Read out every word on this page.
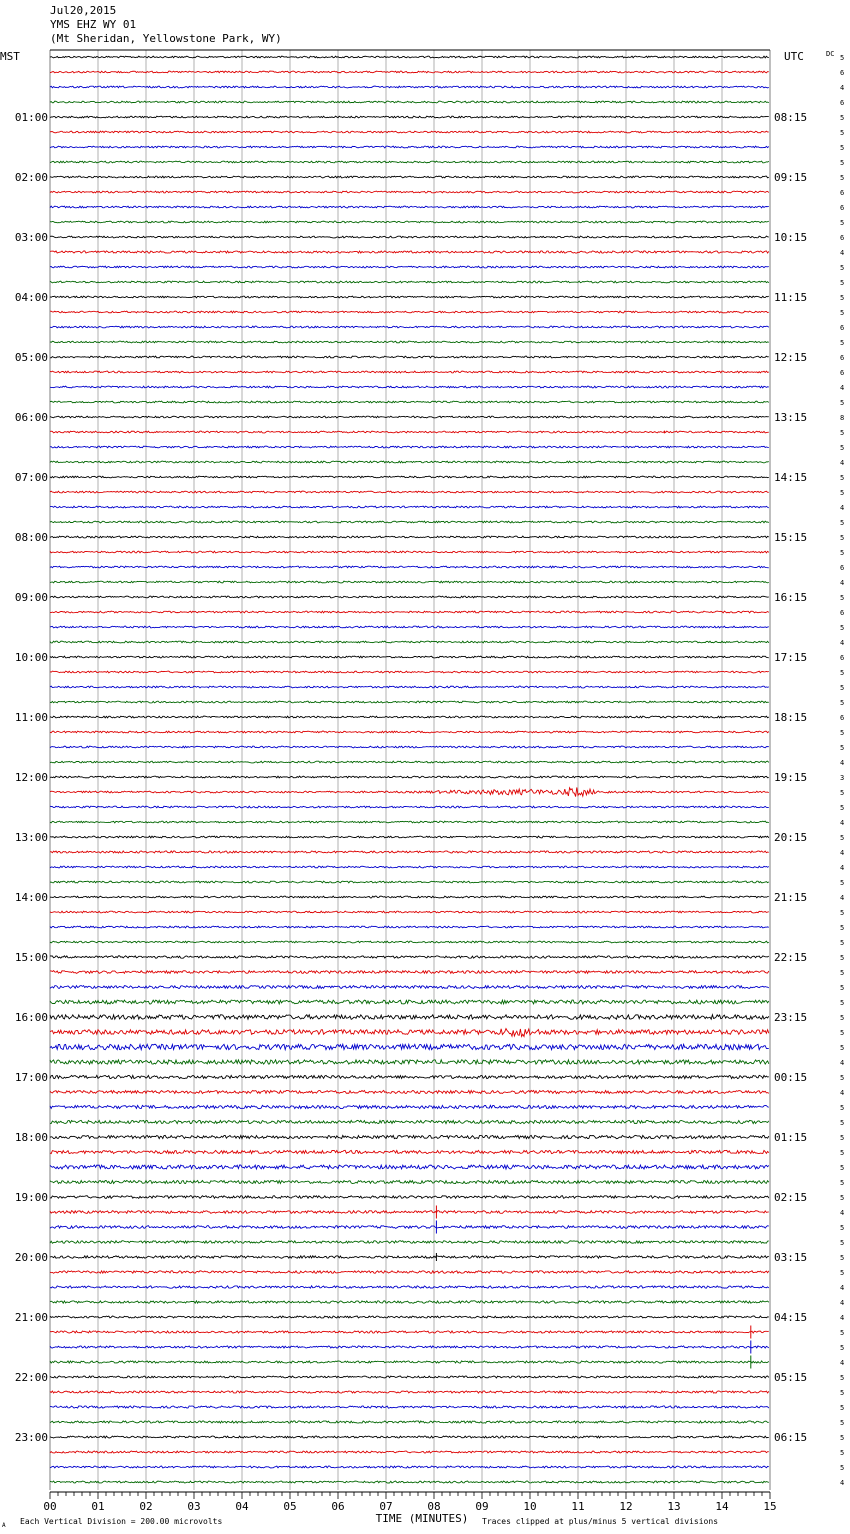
Jul20,2015
YMS EHZ WY 01
(Mt Sheridan, Yellowstone Park, WY)
MST	UTC	DC
01:00
02:00
03:00
04:00
05:00
06:00
07:00
08:00
09:00
10:00
11:00
12:00
13:00
14:00
15:00
16:00
17:00
18:00
19:00
20:00
21:00
22:00
23:00
08:15
09:15
10:15
11:15
12:15
13:15
14:15
15:15
16:15
17:15
18:15
19:15
20:15
21:15
22:15
23:15
00:15
01:15
02:15
03:15
04:15
05:15
06:15
5
6
4
6
5
5
5
5
5
6
6
5
6
4
5
5
5
5
6
5
6
6
4
5
8
5
5
4
5
5
4
5
5
5
6
4
5
6
5
4
6
5
5
5
6
5
5
4
3
5
5
4
5
4
4
5
4
5
5
5
5
5
5
5
5
5
5
4
5
4
5
5
5
5
5
5
5
4
5
5
5
5
4
4
4
5
5
4
5
5
5
5
5
5
5
4
00	01	02	03	04	05	06	07	08	09	10	11	12	13	14	15
TIME (MINUTES)
Each Vertical Division = 200.00 microvolts	Traces clipped at plus/minus 5 vertical divisions
A
